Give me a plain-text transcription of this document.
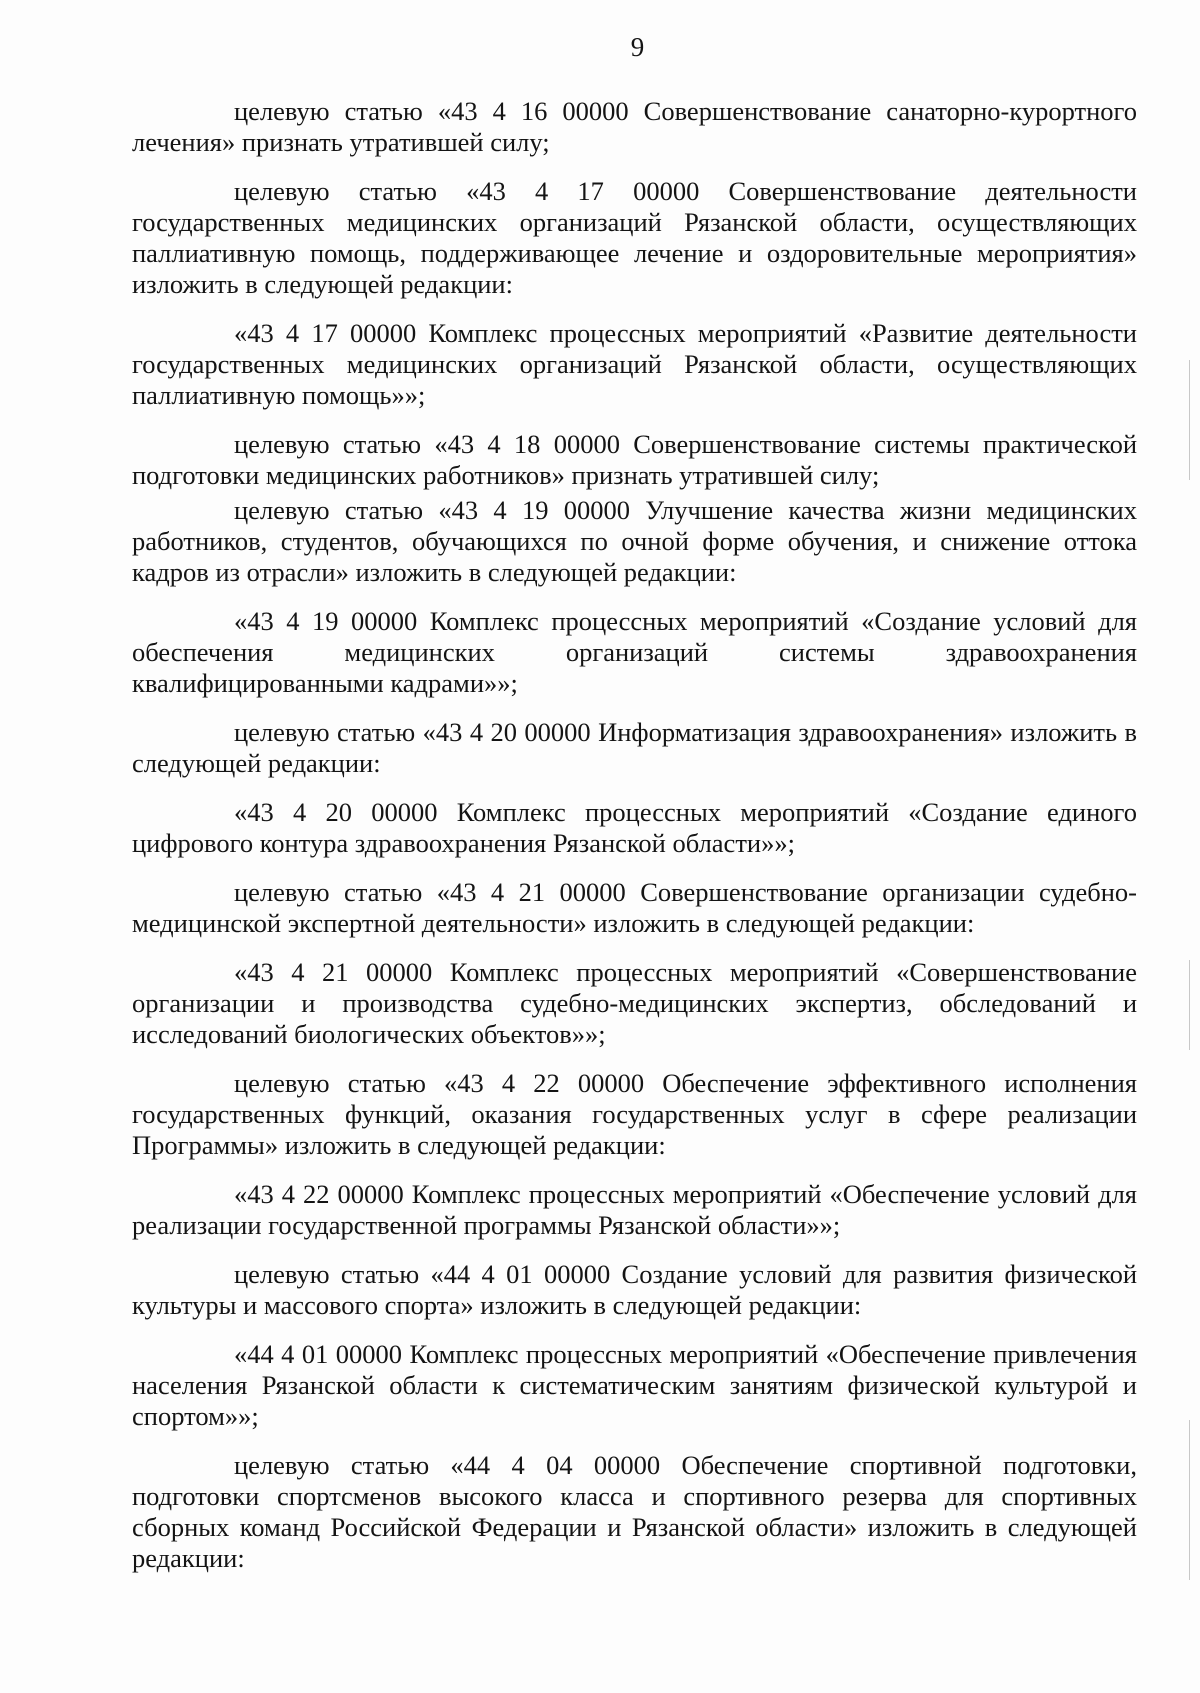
9

целевую статью «43 4 16 00000 Совершенствование санаторно-курортного лечения» признать утратившей силу;

целевую статью «43 4 17 00000 Совершенствование деятельности государственных медицинских организаций Рязанской области, осуществляющих паллиативную помощь, поддерживающее лечение и оздоровительные мероприятия» изложить в следующей редакции:

«43 4 17 00000 Комплекс процессных мероприятий «Развитие деятельности государственных медицинских организаций Рязанской области, осуществляющих паллиативную помощь»»;

целевую статью «43 4 18 00000 Совершенствование системы практической подготовки медицинских работников» признать утратившей силу;

целевую статью «43 4 19 00000 Улучшение качества жизни медицинских работников, студентов, обучающихся по очной форме обучения, и снижение оттока кадров из отрасли» изложить в следующей редакции:

«43 4 19 00000 Комплекс процессных мероприятий «Создание условий для обеспечения медицинских организаций системы здравоохранения квалифицированными кадрами»»;

целевую статью «43 4 20 00000 Информатизация здравоохранения» изложить в следующей редакции:

«43 4 20 00000 Комплекс процессных мероприятий «Создание единого цифрового контура здравоохранения Рязанской области»»;

целевую статью «43 4 21 00000 Совершенствование организации судебно-медицинской экспертной деятельности» изложить в следующей редакции:

«43 4 21 00000 Комплекс процессных мероприятий «Совершенствование организации и производства судебно-медицинских экспертиз, обследований и исследований биологических объектов»»;

целевую статью «43 4 22 00000 Обеспечение эффективного исполнения государственных функций, оказания государственных услуг в сфере реализации Программы» изложить в следующей редакции:

«43 4 22 00000 Комплекс процессных мероприятий «Обеспечение условий для реализации государственной программы Рязанской области»»;

целевую статью «44 4 01 00000 Создание условий для развития физической культуры и массового спорта» изложить в следующей редакции:

«44 4 01 00000 Комплекс процессных мероприятий «Обеспечение привлечения населения Рязанской области к систематическим занятиям физической культурой и спортом»»;

целевую статью «44 4 04 00000 Обеспечение спортивной подготовки, подготовки спортсменов высокого класса и спортивного резерва для спортивных сборных команд Российской Федерации и Рязанской области» изложить в следующей редакции:
